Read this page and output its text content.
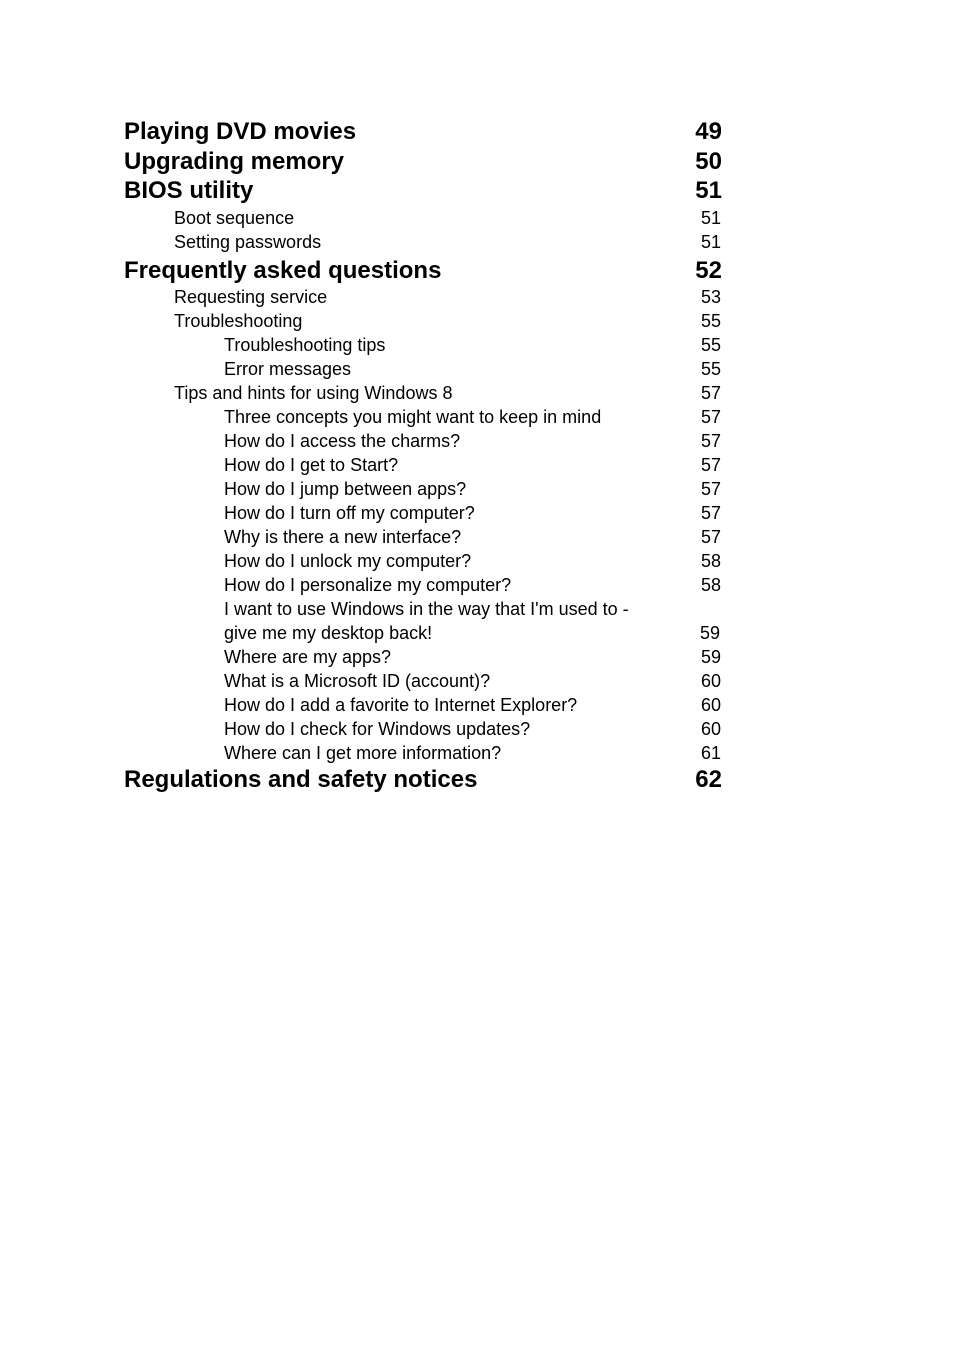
Playing DVD movies	49
Upgrading memory	50
BIOS utility	51
Boot sequence	51
Setting passwords	51
Frequently asked questions	52
Requesting service	53
Troubleshooting	55
Troubleshooting tips	55
Error messages	55
Tips and hints for using Windows 8	57
Three concepts you might want to keep in mind	57
How do I access the charms?	57
How do I get to Start?	57
How do I jump between apps?	57
How do I turn off my computer?	57
Why is there a new interface?	57
How do I unlock my computer?	58
How do I personalize my computer?	58
I want to use Windows in the way that I'm used to - give me my desktop back!	59
Where are my apps?	59
What is a Microsoft ID (account)?	60
How do I add a favorite to Internet Explorer?	60
How do I check for Windows updates?	60
Where can I get more information?	61
Regulations and safety notices	62
